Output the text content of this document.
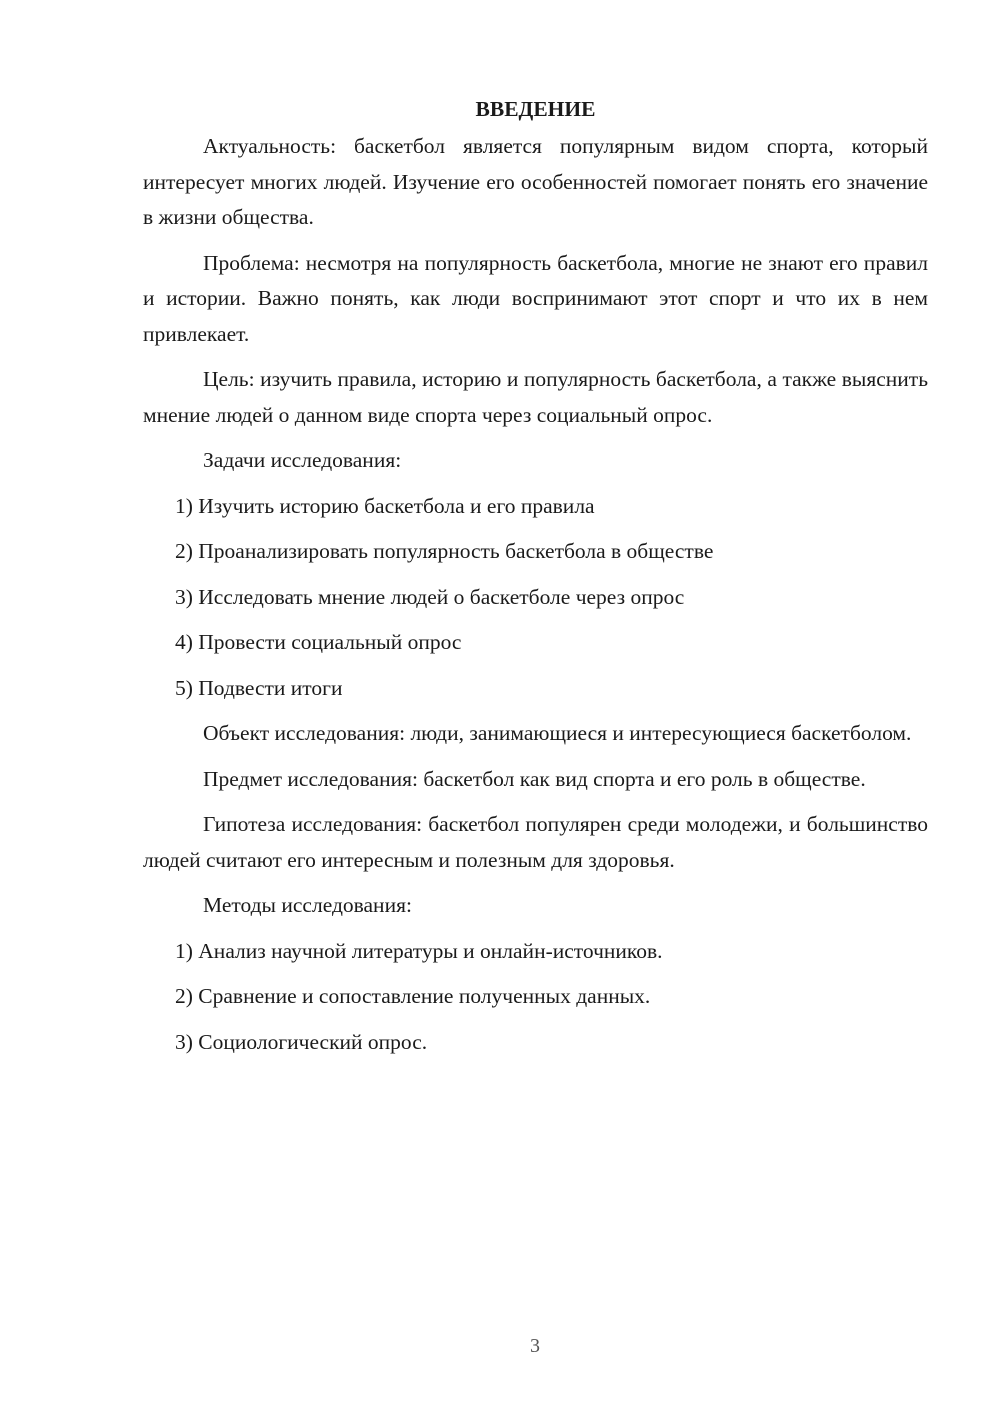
ВВЕДЕНИЕ

Актуальность: баскетбол является популярным видом спорта, который интересует многих людей. Изучение его особенностей помогает понять его значение в жизни общества.

Проблема: несмотря на популярность баскетбола, многие не знают его правил и истории. Важно понять, как люди воспринимают этот спорт и что их в нем привлекает.

Цель: изучить правила, историю и популярность баскетбола, а также выяснить мнение людей о данном виде спорта через социальный опрос.

Задачи исследования:

1) Изучить историю баскетбола и его правила

2) Проанализировать популярность баскетбола в обществе

3) Исследовать мнение людей о баскетболе через опрос

4) Провести социальный опрос

5) Подвести итоги

Объект исследования: люди, занимающиеся и интересующиеся баскетболом.

Предмет исследования: баскетбол как вид спорта и его роль в обществе.

Гипотеза исследования: баскетбол популярен среди молодежи, и большинство людей считают его интересным и полезным для здоровья.

Методы исследования:

1) Анализ научной литературы и онлайн-источников.

2) Сравнение и сопоставление полученных данных.

3) Социологический опрос.

3
